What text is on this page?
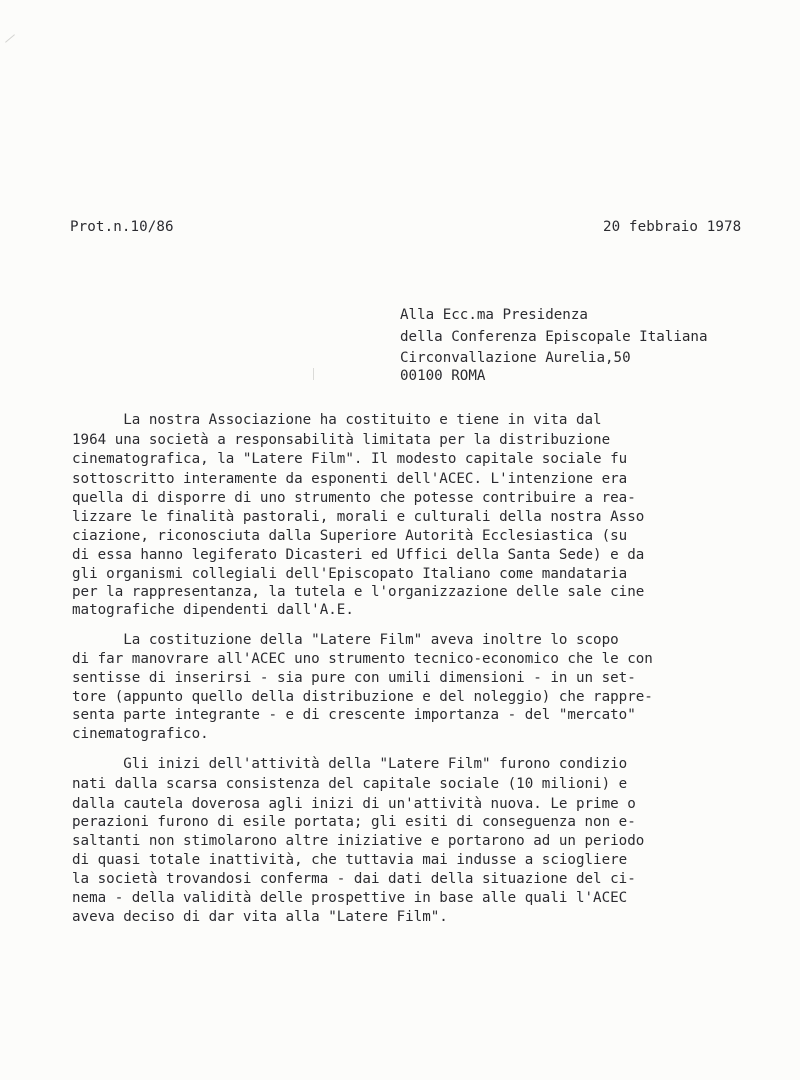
Prot.n.10/86	20 febbraio 1978
Alla Ecc.ma Presidenza
della Conferenza Episcopale Italiana
Circonvallazione Aurelia,50
00100 ROMA
La nostra Associazione ha costituito e tiene in vita dal
1964 una società a responsabilità limitata per la distribuzione
cinematografica, la "Latere Film". Il modesto capitale sociale fu
sottoscritto interamente da esponenti dell'ACEC. L'intenzione era
quella di disporre di uno strumento che potesse contribuire a rea-
lizzare le finalità pastorali, morali e culturali della nostra Asso
ciazione, riconosciuta dalla Superiore Autorità Ecclesiastica (su
di essa hanno legiferato Dicasteri ed Uffici della Santa Sede) e da
gli organismi collegiali dell'Episcopato Italiano come mandataria
per la rappresentanza, la tutela e l'organizzazione delle sale cine
matografiche dipendenti dall'A.E.
La costituzione della "Latere Film" aveva inoltre lo scopo
di far manovrare all'ACEC uno strumento tecnico-economico che le con
sentisse di inserirsi - sia pure con umili dimensioni - in un set-
tore (appunto quello della distribuzione e del noleggio) che rappre-
senta parte integrante - e di crescente importanza - del "mercato"
cinematografico.
Gli inizi dell'attività della "Latere Film" furono condizio
nati dalla scarsa consistenza del capitale sociale (10 milioni) e
dalla cautela doverosa agli inizi di un'attività nuova. Le prime o
perazioni furono di esile portata; gli esiti di conseguenza non e-
saltanti non stimolarono altre iniziative e portarono ad un periodo
di quasi totale inattività, che tuttavia mai indusse a sciogliere
la società trovandosi conferma - dai dati della situazione del ci-
nema - della validità delle prospettive in base alle quali l'ACEC
aveva deciso di dar vita alla "Latere Film".
